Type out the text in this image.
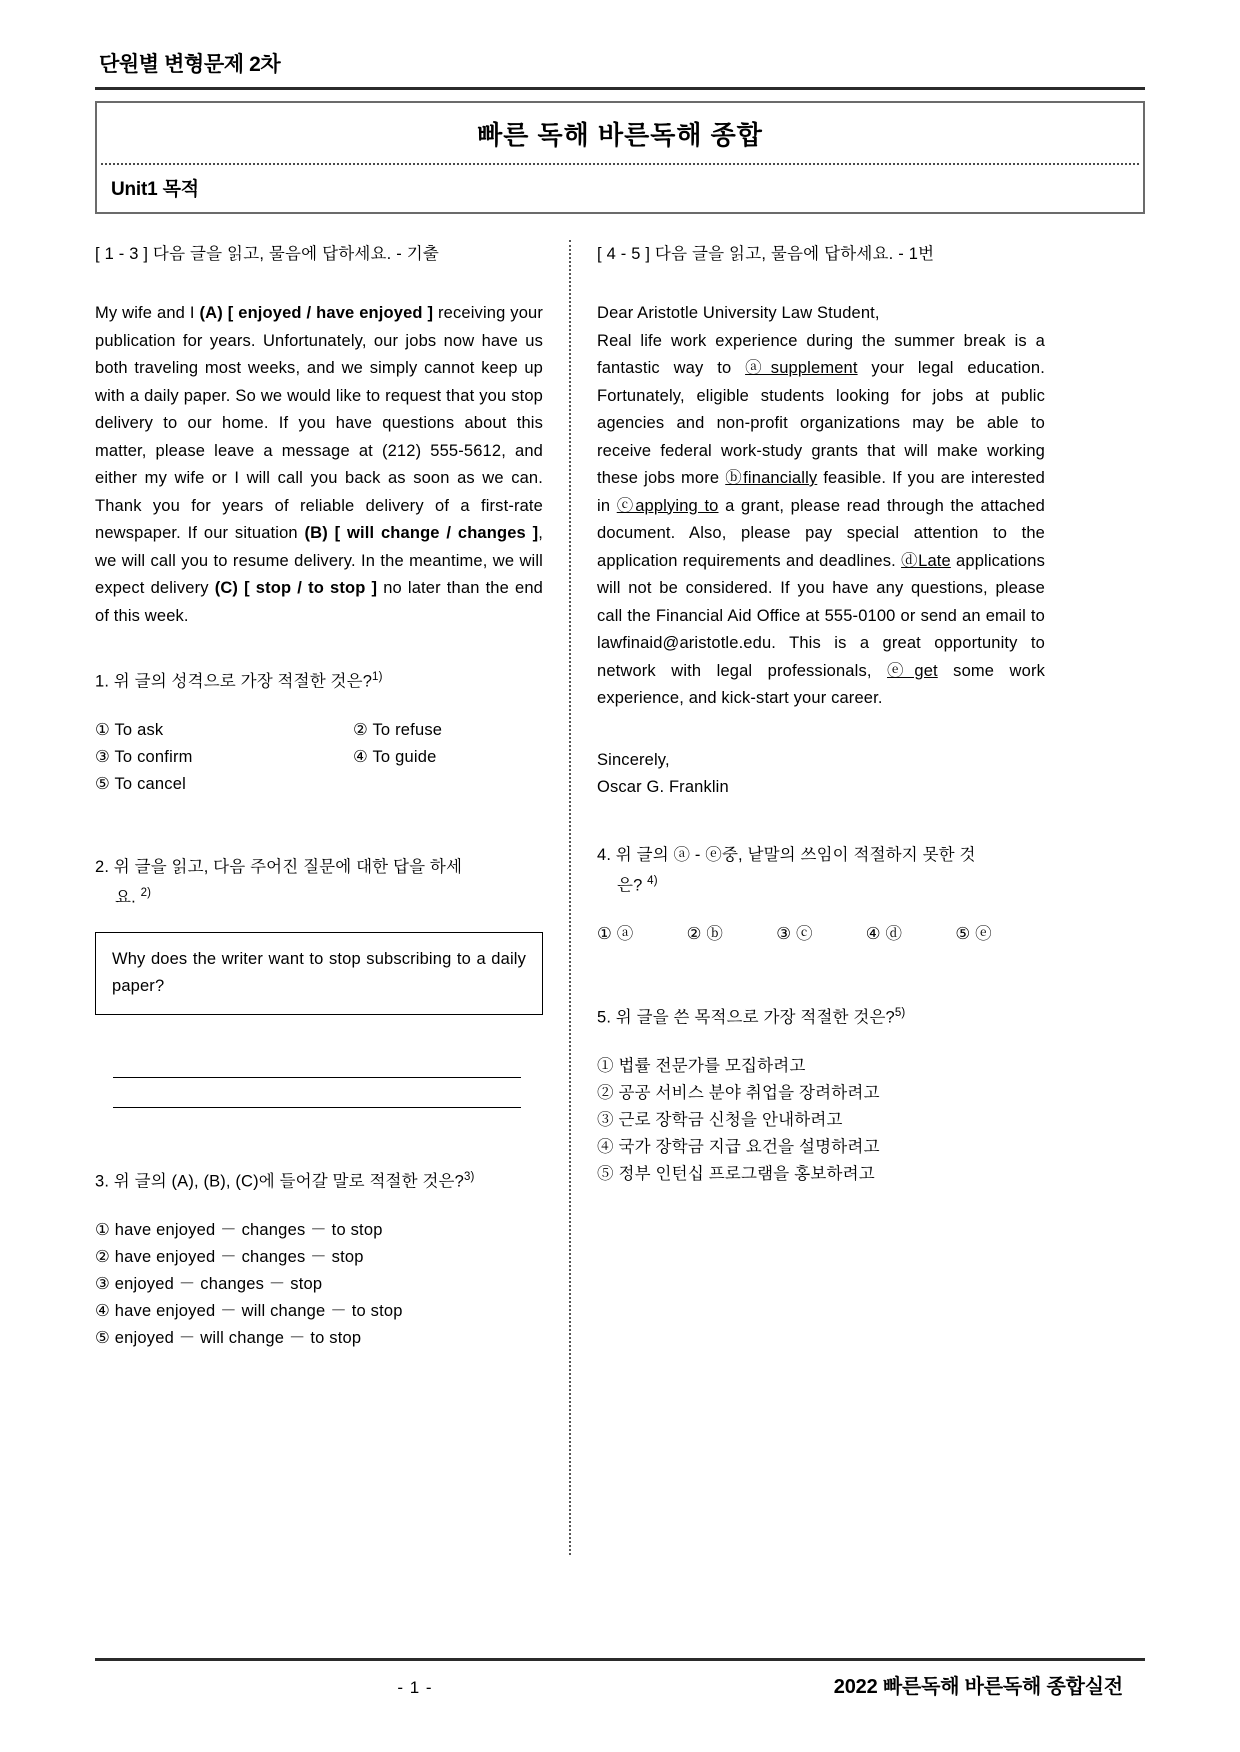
단원별 변형문제 2차
빠른 독해 바른독해 종합
Unit1 목적
[ 1 - 3 ] 다음 글을 읽고, 물음에 답하세요. - 기출

My wife and I (A) [ enjoyed / have enjoyed ] receiving your publication for years. Unfortunately, our jobs now have us both traveling most weeks, and we simply cannot keep up with a daily paper. So we would like to request that you stop delivery to our home. If you have questions about this matter, please leave a message at (212) 555-5612, and either my wife or I will call you back as soon as we can. Thank you for years of reliable delivery of a first-rate newspaper. If our situation (B) [ will change / changes ], we will call you to resume delivery. In the meantime, we will expect delivery (C) [ stop / to stop ] no later than the end of this week.

1. 위 글의 성격으로 가장 적절한 것은?$^{1)}$
① To ask	② To refuse
③ To confirm	④ To guide
⑤ To cancel
2. 위 글을 읽고, 다음 주어진 질문에 대한 답을 하세
요. $^{2)}$
Why does the writer want to stop subscribing to a daily paper?
3. 위 글의 (A), (B), (C)에 들어갈 말로 적절한 것은?$^{3)}$
① have enjoyed － changes － to stop
② have enjoyed － changes － stop
③ enjoyed － changes － stop
④ have enjoyed － will change － to stop
⑤ enjoyed － will change － to stop
[ 4 - 5 ] 다음 글을 읽고, 물음에 답하세요. - 1번
Dear Aristotle University Law Student,

Real life work experience during the summer break is a fantastic way to ⓐsupplement your legal education. Fortunately, eligible students looking for jobs at public agencies and non-profit organizations may be able to receive federal work-study grants that will make working these jobs more ⓑfinancially feasible. If you are interested in ⓒapplying to a grant, please read through the attached document. Also, please pay special attention to the application requirements and deadlines. ⓓLate applications will not be considered. If you have any questions, please call the Financial Aid Office at 555-0100 or send an email to lawfinaid@aristotle.edu. This is a great opportunity to network with legal professionals, ⓔget some work experience, and kick-start your career.

Sincerely,
Oscar G. Franklin
4. 위 글의 ⓐ - ⓔ중, 낱말의 쓰임이 적절하지 못한 것
은? $^{4)}$
① ⓐ	② ⓑ	③ ⓒ	④ ⓓ	⑤ ⓔ
5. 위 글을 쓴 목적으로 가장 적절한 것은?$^{5)}$
① 법률 전문가를 모집하려고
② 공공 서비스 분야 취업을 장려하려고
③ 근로 장학금 신청을 안내하려고
④ 국가 장학금 지급 요건을 설명하려고
⑤ 정부 인턴십 프로그램을 홍보하려고
- 1 -	2022 빠른독해 바른독해 종합실전
